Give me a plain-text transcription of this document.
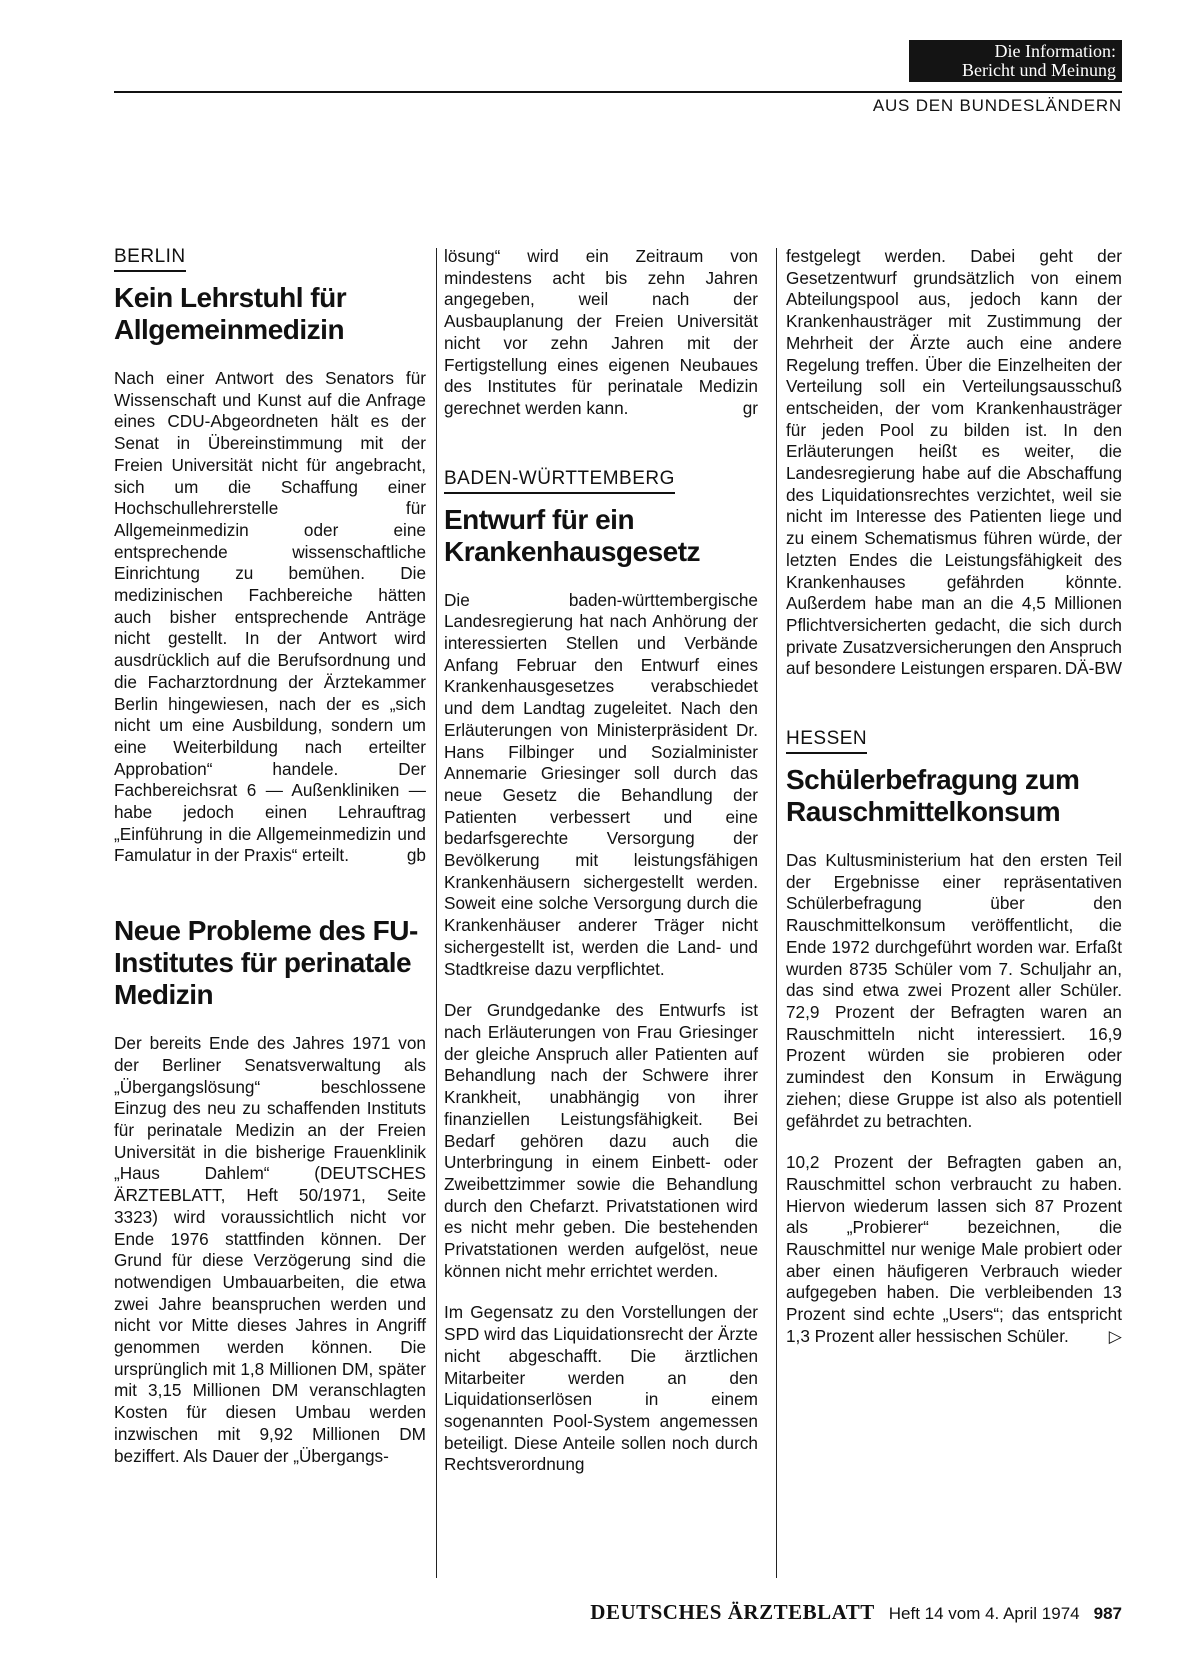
Die Information:
Bericht und Meinung
AUS DEN BUNDESLÄNDERN
BERLIN
Kein Lehrstuhl für Allgemeinmedizin

Nach einer Antwort des Senators für Wissenschaft und Kunst auf die Anfrage eines CDU-Abgeordneten hält es der Senat in Übereinstimmung mit der Freien Universität nicht für angebracht, sich um die Schaffung einer Hochschullehrerstelle für Allgemeinmedizin oder eine entsprechende wissenschaftliche Einrichtung zu bemühen. Die medizinischen Fachbereiche hätten auch bisher entsprechende Anträge nicht gestellt. In der Antwort wird ausdrücklich auf die Berufsordnung und die Facharztordnung der Ärztekammer Berlin hingewiesen, nach der es „sich nicht um eine Ausbildung, sondern um eine Weiterbildung nach erteilter Approbation“ handele. Der Fachbereichsrat 6 — Außenkliniken — habe jedoch einen Lehrauftrag „Einführung in die Allgemeinmedizin und Famulatur in der Praxis“ erteilt.	gb

Neue Probleme des FU-Institutes für perinatale Medizin

Der bereits Ende des Jahres 1971 von der Berliner Senatsverwaltung als „Übergangslösung“ beschlossene Einzug des neu zu schaffenden Instituts für perinatale Medizin an der Freien Universität in die bisherige Frauenklinik „Haus Dahlem“ (DEUTSCHES ÄRZTEBLATT, Heft 50/1971, Seite 3323) wird voraussichtlich nicht vor Ende 1976 stattfinden können. Der Grund für diese Verzögerung sind die notwendigen Umbauarbeiten, die etwa zwei Jahre beanspruchen werden und nicht vor Mitte dieses Jahres in Angriff genommen werden können. Die ursprünglich mit 1,8 Millionen DM, später mit 3,15 Millionen DM veranschlagten Kosten für diesen Umbau werden inzwischen mit 9,92 Millionen DM beziffert. Als Dauer der „Übergangs-

lösung“ wird ein Zeitraum von mindestens acht bis zehn Jahren angegeben, weil nach der Ausbauplanung der Freien Universität nicht vor zehn Jahren mit der Fertigstellung eines eigenen Neubaues des Institutes für perinatale Medizin gerechnet werden kann.	gr

BADEN-WÜRTTEMBERG
Entwurf für ein Krankenhausgesetz

Die baden-württembergische Landesregierung hat nach Anhörung der interessierten Stellen und Verbände Anfang Februar den Entwurf eines Krankenhausgesetzes verabschiedet und dem Landtag zugeleitet. Nach den Erläuterungen von Ministerpräsident Dr. Hans Filbinger und Sozialminister Annemarie Griesinger soll durch das neue Gesetz die Behandlung der Patienten verbessert und eine bedarfsgerechte Versorgung der Bevölkerung mit leistungsfähigen Krankenhäusern sichergestellt werden. Soweit eine solche Versorgung durch die Krankenhäuser anderer Träger nicht sichergestellt ist, werden die Land- und Stadtkreise dazu verpflichtet.

Der Grundgedanke des Entwurfs ist nach Erläuterungen von Frau Griesinger der gleiche Anspruch aller Patienten auf Behandlung nach der Schwere ihrer Krankheit, unabhängig von ihrer finanziellen Leistungsfähigkeit. Bei Bedarf gehören dazu auch die Unterbringung in einem Einbett- oder Zweibettzimmer sowie die Behandlung durch den Chefarzt. Privatstationen wird es nicht mehr geben. Die bestehenden Privatstationen werden aufgelöst, neue können nicht mehr errichtet werden.

Im Gegensatz zu den Vorstellungen der SPD wird das Liquidationsrecht der Ärzte nicht abgeschafft. Die ärztlichen Mitarbeiter werden an den Liquidationserlösen in einem sogenannten Pool-System angemessen beteiligt. Diese Anteile sollen noch durch Rechtsverordnung

festgelegt werden. Dabei geht der Gesetzentwurf grundsätzlich von einem Abteilungspool aus, jedoch kann der Krankenhausträger mit Zustimmung der Mehrheit der Ärzte auch eine andere Regelung treffen. Über die Einzelheiten der Verteilung soll ein Verteilungsausschuß entscheiden, der vom Krankenhausträger für jeden Pool zu bilden ist. In den Erläuterungen heißt es weiter, die Landesregierung habe auf die Abschaffung des Liquidationsrechtes verzichtet, weil sie nicht im Interesse des Patienten liege und zu einem Schematismus führen würde, der letzten Endes die Leistungsfähigkeit des Krankenhauses gefährden könnte. Außerdem habe man an die 4,5 Millionen Pflichtversicherten gedacht, die sich durch private Zusatzversicherungen den Anspruch auf besondere Leistungen ersparen. DÄ-BW

HESSEN
Schülerbefragung zum Rauschmittelkonsum

Das Kultusministerium hat den ersten Teil der Ergebnisse einer repräsentativen Schülerbefragung über den Rauschmittelkonsum veröffentlicht, die Ende 1972 durchgeführt worden war. Erfaßt wurden 8735 Schüler vom 7. Schuljahr an, das sind etwa zwei Prozent aller Schüler. 72,9 Prozent der Befragten waren an Rauschmitteln nicht interessiert. 16,9 Prozent würden sie probieren oder zumindest den Konsum in Erwägung ziehen; diese Gruppe ist also als potentiell gefährdet zu betrachten.

10,2 Prozent der Befragten gaben an, Rauschmittel schon verbraucht zu haben. Hiervon wiederum lassen sich 87 Prozent als „Probierer“ bezeichnen, die Rauschmittel nur wenige Male probiert oder aber einen häufigeren Verbrauch wieder aufgegeben haben. Die verbleibenden 13 Prozent sind echte „Users“; das entspricht 1,3 Prozent aller hessischen Schüler. ▷

DEUTSCHES ÄRZTEBLATT Heft 14 vom 4. April 1974 987
